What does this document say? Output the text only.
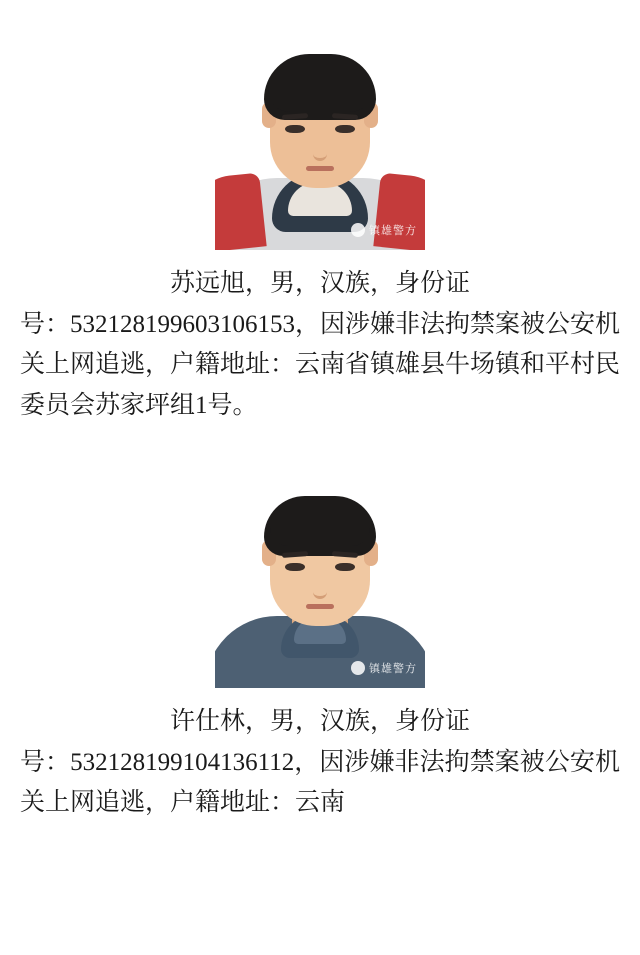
镇雄警方
苏远旭，男，汉族，身份证
号：532128199603106153，因涉嫌非法拘禁案被公安机关上网追逃，户籍地址：云南省镇雄县牛场镇和平村民委员会苏家坪组1号。
镇雄警方
许仕林，男，汉族，身份证
号：532128199104136112，因涉嫌非法拘禁案被公安机关上网追逃，户籍地址：云南
